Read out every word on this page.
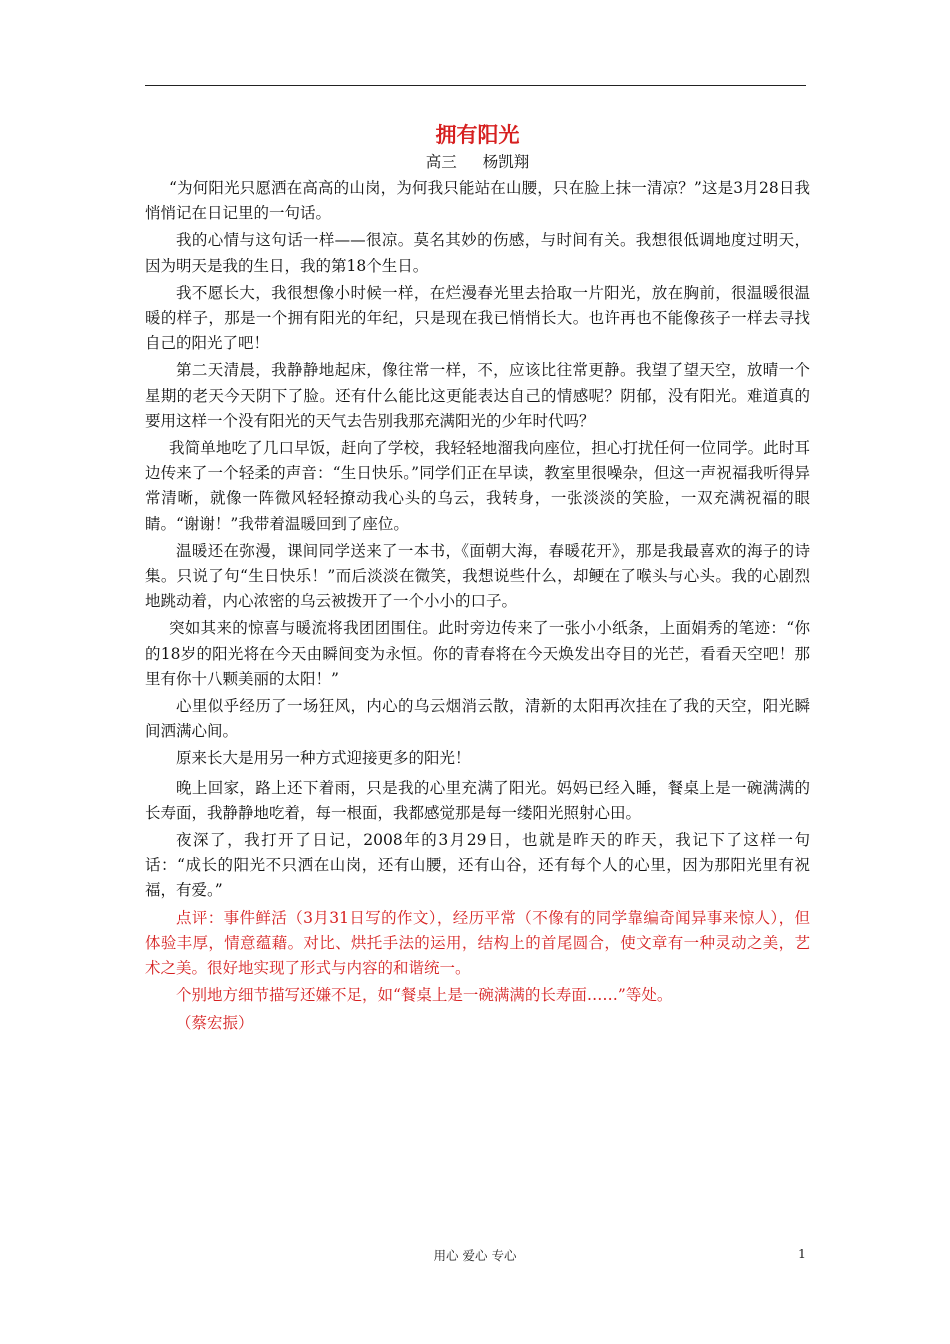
拥有阳光
高三 杨凯翔

“为何阳光只愿洒在高高的山岗，为何我只能站在山腰，只在脸上抹一清凉？”这是3月28日我悄悄记在日记里的一句话。

我的心情与这句话一样——很凉。莫名其妙的伤感，与时间有关。我想很低调地度过明天，因为明天是我的生日，我的第18个生日。

我不愿长大，我很想像小时候一样，在烂漫春光里去拾取一片阳光，放在胸前，很温暖很温暖的样子，那是一个拥有阳光的年纪，只是现在我已悄悄长大。也许再也不能像孩子一样去寻找自己的阳光了吧！

第二天清晨，我静静地起床，像往常一样，不，应该比往常更静。我望了望天空，放晴一个星期的老天今天阴下了脸。还有什么能比这更能表达自己的情感呢？阴郁，没有阳光。难道真的要用这样一个没有阳光的天气去告别我那充满阳光的少年时代吗？

我简单地吃了几口早饭，赶向了学校，我轻轻地溜我向座位，担心打扰任何一位同学。此时耳边传来了一个轻柔的声音：“生日快乐。”同学们正在早读，教室里很噪杂，但这一声祝福我听得异常清晰，就像一阵微风轻轻撩动我心头的乌云，我转身，一张淡淡的笑脸，一双充满祝福的眼睛。“谢谢！”我带着温暖回到了座位。

温暖还在弥漫，课间同学送来了一本书，《面朝大海，春暖花开》，那是我最喜欢的海子的诗集。只说了句“生日快乐！”而后淡淡在微笑，我想说些什么，却鲠在了喉头与心头。我的心剧烈地跳动着，内心浓密的乌云被拨开了一个小小的口子。

突如其来的惊喜与暖流将我团团围住。此时旁边传来了一张小小纸条，上面娟秀的笔迹：“你的18岁的阳光将在今天由瞬间变为永恒。你的青春将在今天焕发出夺目的光芒，看看天空吧！那里有你十八颗美丽的太阳！”

心里似乎经历了一场狂风，内心的乌云烟消云散，清新的太阳再次挂在了我的天空，阳光瞬间洒满心间。

原来长大是用另一种方式迎接更多的阳光！

晚上回家，路上还下着雨，只是我的心里充满了阳光。妈妈已经入睡，餐桌上是一碗满满的长寿面，我静静地吃着，每一根面，我都感觉那是每一缕阳光照射心田。

夜深了，我打开了日记，2008年的3月29日，也就是昨天的昨天，我记下了这样一句话：“成长的阳光不只洒在山岗，还有山腰，还有山谷，还有每个人的心里，因为那阳光里有祝福，有爱。”

点评：事件鲜活（3月31日写的作文），经历平常（不像有的同学靠编奇闻异事来惊人），但体验丰厚，情意蕴藉。对比、烘托手法的运用，结构上的首尾圆合，使文章有一种灵动之美，艺术之美。很好地实现了形式与内容的和谐统一。

个别地方细节描写还嫌不足，如“餐桌上是一碗满满的长寿面……”等处。

（蔡宏振）

用心 爱心 专心	1
